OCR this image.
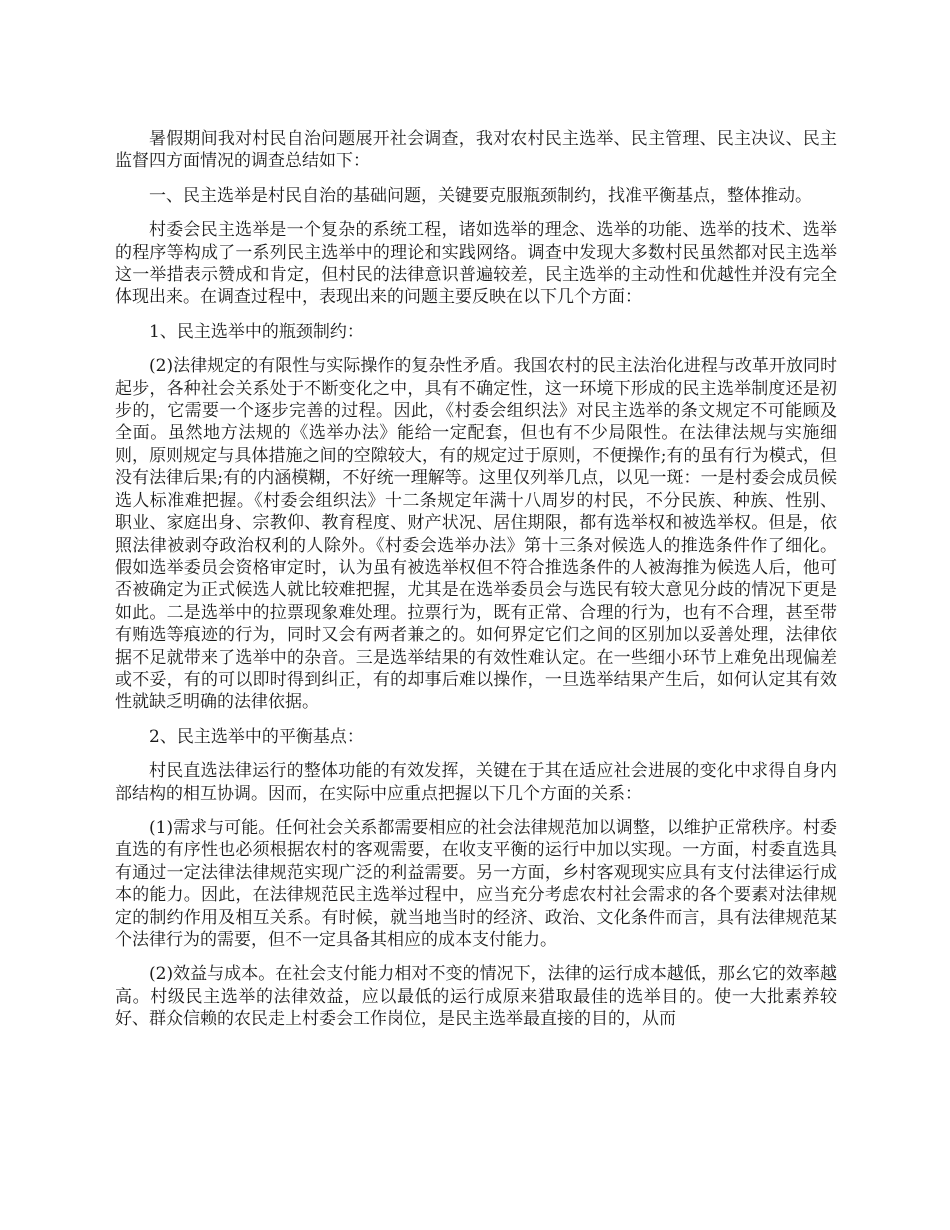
暑假期间我对村民自治问题展开社会调查，我对农村民主选举、民主管理、民主决议、民主监督四方面情况的调查总结如下：

一、民主选举是村民自治的基础问题，关键要克服瓶颈制约，找准平衡基点，整体推动。

村委会民主选举是一个复杂的系统工程，诸如选举的理念、选举的功能、选举的技术、选举的程序等构成了一系列民主选举中的理论和实践网络。调查中发现大多数村民虽然都对民主选举这一举措表示赞成和肯定，但村民的法律意识普遍较差，民主选举的主动性和优越性并没有完全体现出来。在调查过程中，表现出来的问题主要反映在以下几个方面：

1、民主选举中的瓶颈制约：

(2)法律规定的有限性与实际操作的复杂性矛盾。我国农村的民主法治化进程与改革开放同时起步，各种社会关系处于不断变化之中，具有不确定性，这一环境下形成的民主选举制度还是初步的，它需要一个逐步完善的过程。因此，《村委会组织法》对民主选举的条文规定不可能顾及全面。虽然地方法规的《选举办法》能给一定配套，但也有不少局限性。在法律法规与实施细则，原则规定与具体措施之间的空隙较大，有的规定过于原则，不便操作;有的虽有行为模式，但没有法律后果;有的内涵模糊，不好统一理解等。这里仅列举几点，以见一斑：一是村委会成员候选人标准难把握。《村委会组织法》十二条规定年满十八周岁的村民，不分民族、种族、性别、职业、家庭出身、宗教仰、教育程度、财产状况、居住期限，都有选举权和被选举权。但是，依照法律被剥夺政治权利的人除外。《村委会选举办法》第十三条对候选人的推选条件作了细化。假如选举委员会资格审定时，认为虽有被选举权但不符合推选条件的人被海推为候选人后，他可否被确定为正式候选人就比较难把握，尤其是在选举委员会与选民有较大意见分歧的情况下更是如此。二是选举中的拉票现象难处理。拉票行为，既有正常、合理的行为，也有不合理，甚至带有贿选等痕迹的行为，同时又会有两者兼之的。如何界定它们之间的区别加以妥善处理，法律依据不足就带来了选举中的杂音。三是选举结果的有效性难认定。在一些细小环节上难免出现偏差或不妥，有的可以即时得到纠正，有的却事后难以操作，一旦选举结果产生后，如何认定其有效性就缺乏明确的法律依据。

2、民主选举中的平衡基点：

村民直选法律运行的整体功能的有效发挥，关键在于其在适应社会进展的变化中求得自身内部结构的相互协调。因而，在实际中应重点把握以下几个方面的关系：

(1)需求与可能。任何社会关系都需要相应的社会法律规范加以调整，以维护正常秩序。村委直选的有序性也必须根据农村的客观需要，在收支平衡的运行中加以实现。一方面，村委直选具有通过一定法律法律规范实现广泛的利益需要。另一方面，乡村客观现实应具有支付法律运行成本的能力。因此，在法律规范民主选举过程中，应当充分考虑农村社会需求的各个要素对法律规定的制约作用及相互关系。有时候，就当地当时的经济、政治、文化条件而言，具有法律规范某个法律行为的需要，但不一定具备其相应的成本支付能力。

(2)效益与成本。在社会支付能力相对不变的情况下，法律的运行成本越低，那幺它的效率越高。村级民主选举的法律效益，应以最低的运行成原来猎取最佳的选举目的。使一大批素养较好、群众信赖的农民走上村委会工作岗位，是民主选举最直接的目的，从而
